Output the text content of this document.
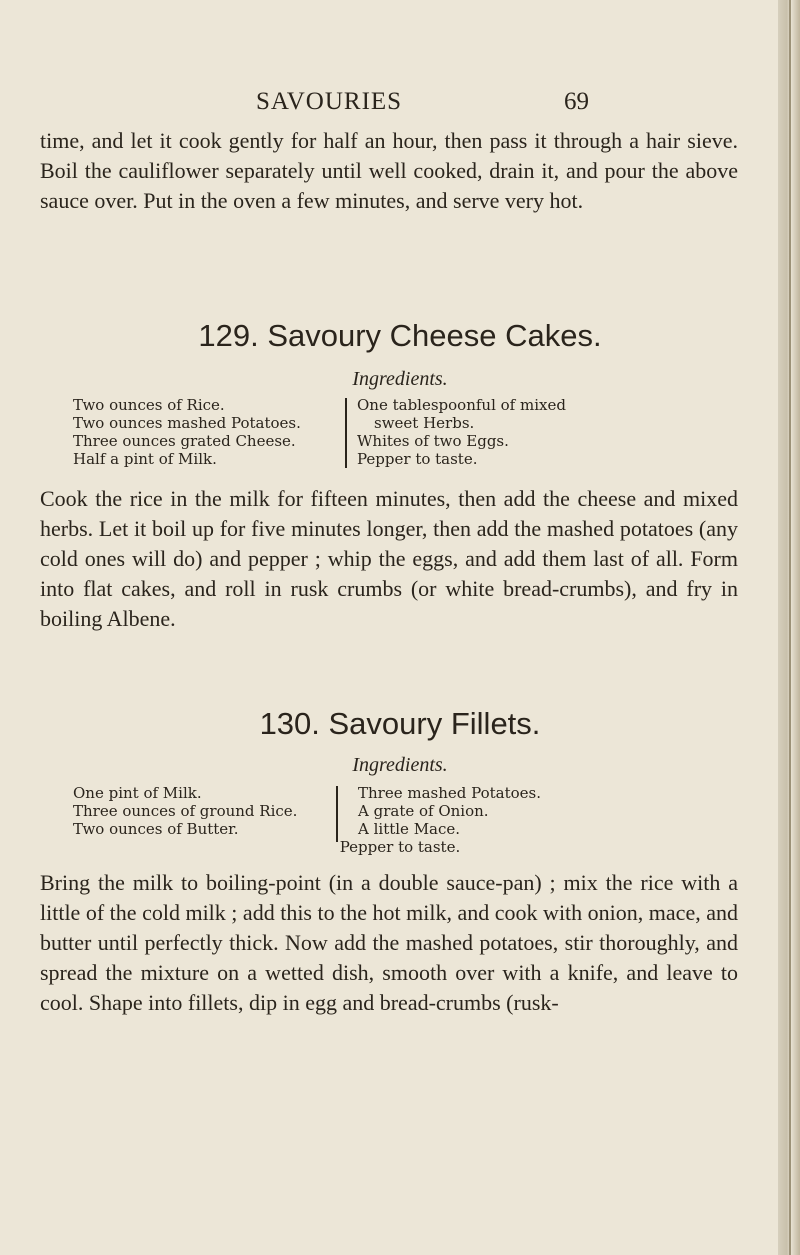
SAVOURIES	69

time, and let it cook gently for half an hour, then pass it through a hair sieve. Boil the cauliflower separately until well cooked, drain it, and pour the above sauce over. Put in the oven a few minutes, and serve very hot.

129. Savoury Cheese Cakes.
Ingredients.
Two ounces of Rice.
Two ounces mashed Potatoes.
Three ounces grated Cheese.
Half a pint of Milk.
One tablespoonful of mixed
sweet Herbs.
Whites of two Eggs.
Pepper to taste.

Cook the rice in the milk for fifteen minutes, then add the cheese and mixed herbs. Let it boil up for five minutes longer, then add the mashed potatoes (any cold ones will do) and pepper ; whip the eggs, and add them last of all. Form into flat cakes, and roll in rusk crumbs (or white bread-crumbs), and fry in boiling Albene.

130. Savoury Fillets.
Ingredients.
One pint of Milk.
Three ounces of ground Rice.
Two ounces of Butter.
Three mashed Potatoes.
A grate of Onion.
A little Mace.
Pepper to taste.

Bring the milk to boiling-point (in a double sauce-pan) ; mix the rice with a little of the cold milk ; add this to the hot milk, and cook with onion, mace, and butter until perfectly thick. Now add the mashed potatoes, stir thoroughly, and spread the mixture on a wetted dish, smooth over with a knife, and leave to cool. Shape into fillets, dip in egg and bread-crumbs (rusk-
